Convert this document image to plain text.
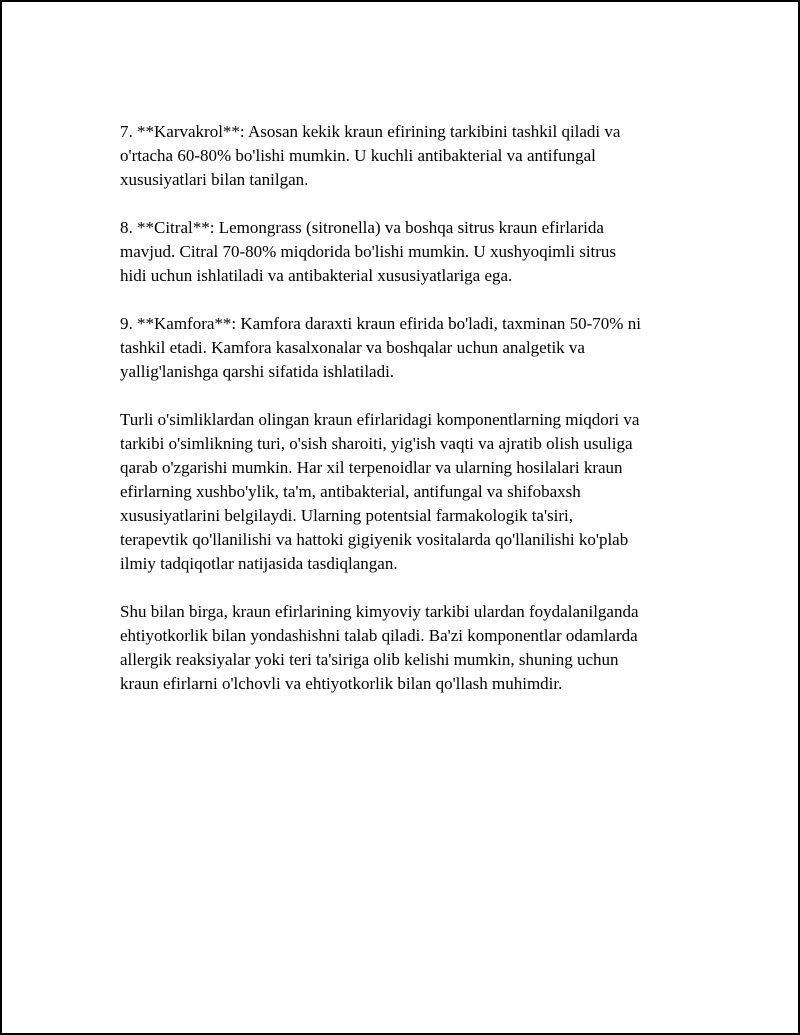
7. **Karvakrol**: Asosan kekik kraun efirining tarkibini tashkil qiladi va
o'rtacha 60-80% bo'lishi mumkin. U kuchli antibakterial va antifungal
xususiyatlari bilan tanilgan.

8. **Citral**: Lemongrass (sitronella) va boshqa sitrus kraun efirlarida
mavjud. Citral 70-80% miqdorida bo'lishi mumkin. U xushyoqimli sitrus
hidi uchun ishlatiladi va antibakterial xususiyatlariga ega.

9. **Kamfora**: Kamfora daraxti kraun efirida bo'ladi, taxminan 50-70% ni
tashkil etadi. Kamfora kasalxonalar va boshqalar uchun analgetik va
yallig'lanishga qarshi sifatida ishlatiladi.

Turli o'simliklardan olingan kraun efirlaridagi komponentlarning miqdori va
tarkibi o'simlikning turi, o'sish sharoiti, yig'ish vaqti va ajratib olish usuliga
qarab o'zgarishi mumkin. Har xil terpenoidlar va ularning hosilalari kraun
efirlarning xushbo'ylik, ta'm, antibakterial, antifungal va shifobaxsh
xususiyatlarini belgilaydi. Ularning potentsial farmakologik ta'siri,
terapevtik qo'llanilishi va hattoki gigiyenik vositalarda qo'llanilishi ko'plab
ilmiy tadqiqotlar natijasida tasdiqlangan.

Shu bilan birga, kraun efirlarining kimyoviy tarkibi ulardan foydalanilganda
ehtiyotkorlik bilan yondashishni talab qiladi. Ba'zi komponentlar odamlarda
allergik reaksiyalar yoki teri ta'siriga olib kelishi mumkin, shuning uchun
kraun efirlarni o'lchovli va ehtiyotkorlik bilan qo'llash muhimdir.
